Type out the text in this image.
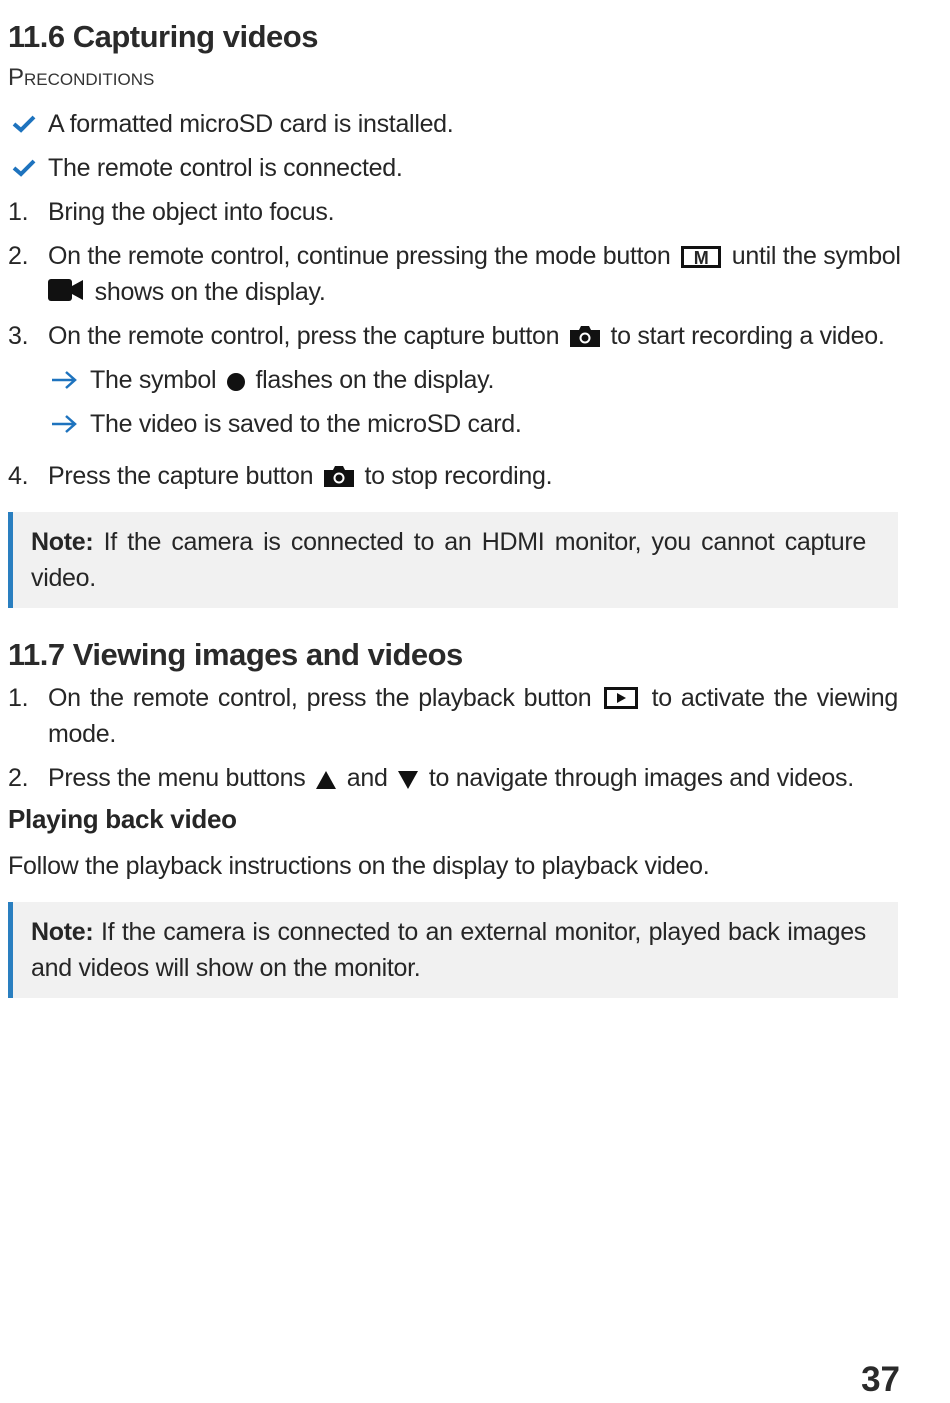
11.6 Capturing videos
Preconditions
A formatted microSD card is installed.
The remote control is connected.
1. Bring the object into focus.
2. On the remote control, continue pressing the mode button M until the symbol
shows on the display.
3. On the remote control, press the capture button  to start recording a video.
The symbol  flashes on the display.
The video is saved to the microSD card.
4. Press the capture button  to stop recording.
Note: If the camera is connected to an HDMI monitor, you cannot capture video.
11.7 Viewing images and videos
1. On the remote control, press the playback button  to activate the viewing
mode.
2. Press the menu buttons  and  to navigate through images and videos.
Playing back video
Follow the playback instructions on the display to playback video.
Note: If the camera is connected to an external monitor, played back images and videos will show on the monitor.
37
